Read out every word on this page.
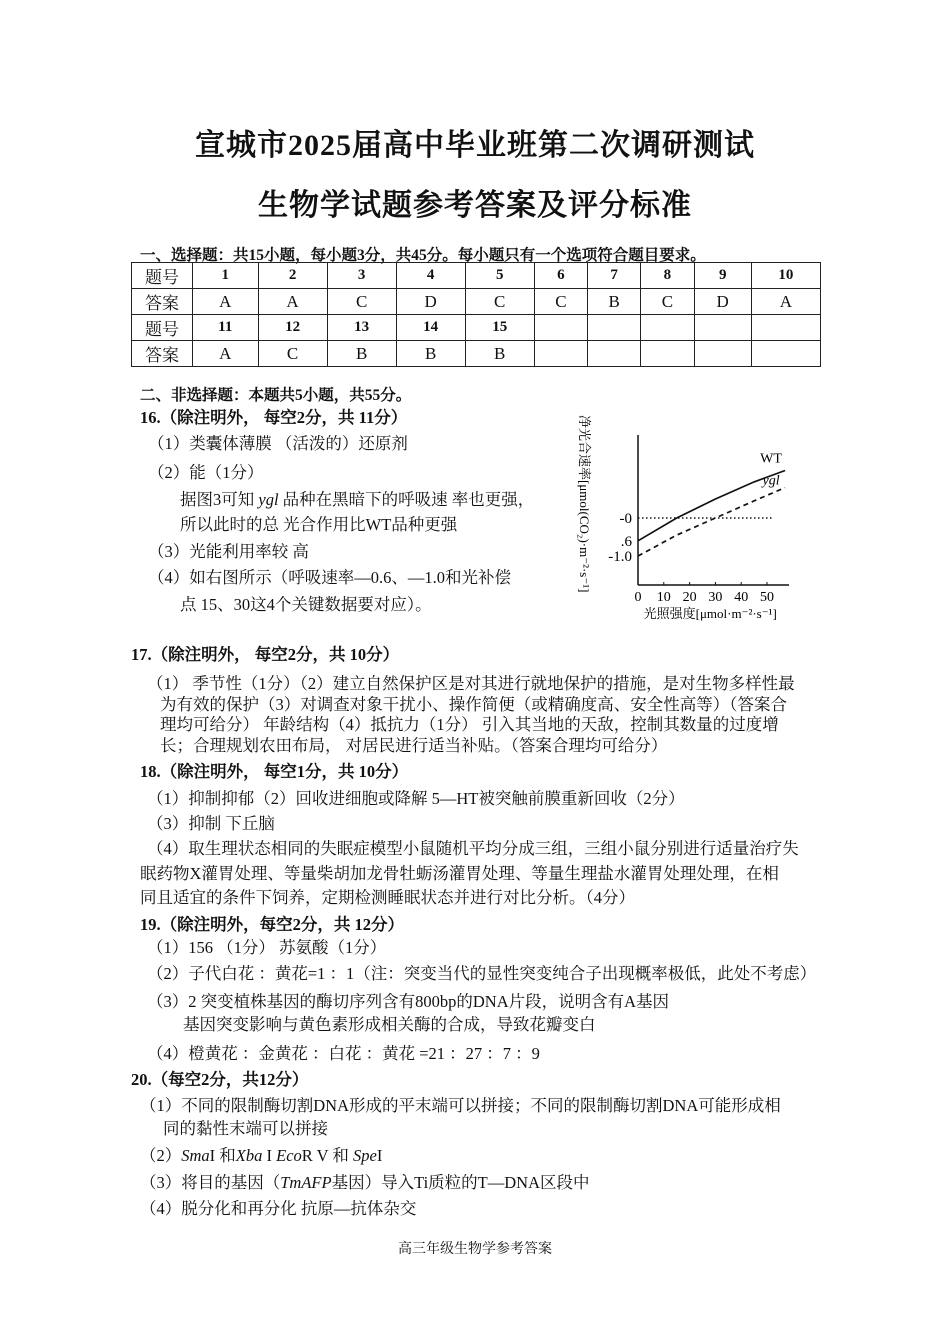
宣城市2025届高中毕业班第二次调研测试
生物学试题参考答案及评分标准
一、选择题：共15小题，每小题3分，共45分。每小题只有一个选项符合题目要求。
题号	1	2	3	4	5	6	7	8	9	10
答案	A	A	C	D	C	C	B	C	D	A
题号	11	12	13	14	15					
答案	A	C	B	B	B					
二、非选择题：本题共5小题，共55分。
16.（除注明外， 每空2分，共 11分）
（1）类囊体薄膜 （活泼的）还原剂
（2）能（1分）
据图3可知 ygl 品种在黑暗下的呼吸速 率也更强，
所以此时的总 光合作用比WT品种更强
（3）光能利用率较 高
（4）如右图所示（呼吸速率—0.6、—1.0和光补偿
点 15、30这4个关键数据要对应）。
17.（除注明外， 每空2分，共 10分）
（1） 季节性（1分）（2）建立自然保护区是对其进行就地保护的措施，是对生物多样性最
为有效的保护（3）对调查对象干扰小、操作简便（或精确度高、安全性高等）（答案合
理均可给分） 年龄结构（4）抵抗力（1分） 引入其当地的天敌，控制其数量的过度增
长；合理规划农田布局， 对居民进行适当补贴。（答案合理均可给分）
18.（除注明外， 每空1分，共 10分）
（1）抑制抑郁（2）回收进细胞或降解 5—HT被突触前膜重新回收（2分）
（3）抑制 下丘脑
（4）取生理状态相同的失眠症模型小鼠随机平均分成三组，三组小鼠分别进行适量治疗失
眠药物X灌胃处理、等量柴胡加龙骨牡蛎汤灌胃处理、等量生理盐水灌胃处理处理，在相
同且适宜的条件下饲养，定期检测睡眠状态并进行对比分析。（4分）
19.（除注明外，每空2分，共 12分）
（1）156 （1分） 苏氨酸（1分）
（2）子代白花 ：黄花=1 ：1（注：突变当代的显性突变纯合子出现概率极低，此处不考虑）
（3）2 突变植株基因的酶切序列含有800bp的DNA片段，说明含有A基因
基因突变影响与黄色素形成相关酶的合成，导致花瓣变白
（4）橙黄花 ：金黄花 ：白花 ：黄花 =21 ：27 ：7 ：9
20.（每空2分，共12分）
（1）不同的限制酶切割DNA形成的平末端可以拼接；不同的限制酶切割DNA可能形成相
同的黏性末端可以拼接
（2）SmaI 和Xba I EcoR V 和 SpeI
（3）将目的基因（TmAFP基因）导入Ti质粒的T—DNA区段中
（4）脱分化和再分化 抗原—抗体杂交
0 10 20 30 40 50
-0
.6
-1.0
WT
ygl
净光合速率[μmol(CO₂)·m⁻²·s⁻¹]
光照强度[μmol·m⁻²·s⁻¹]
高三年级生物学参考答案
